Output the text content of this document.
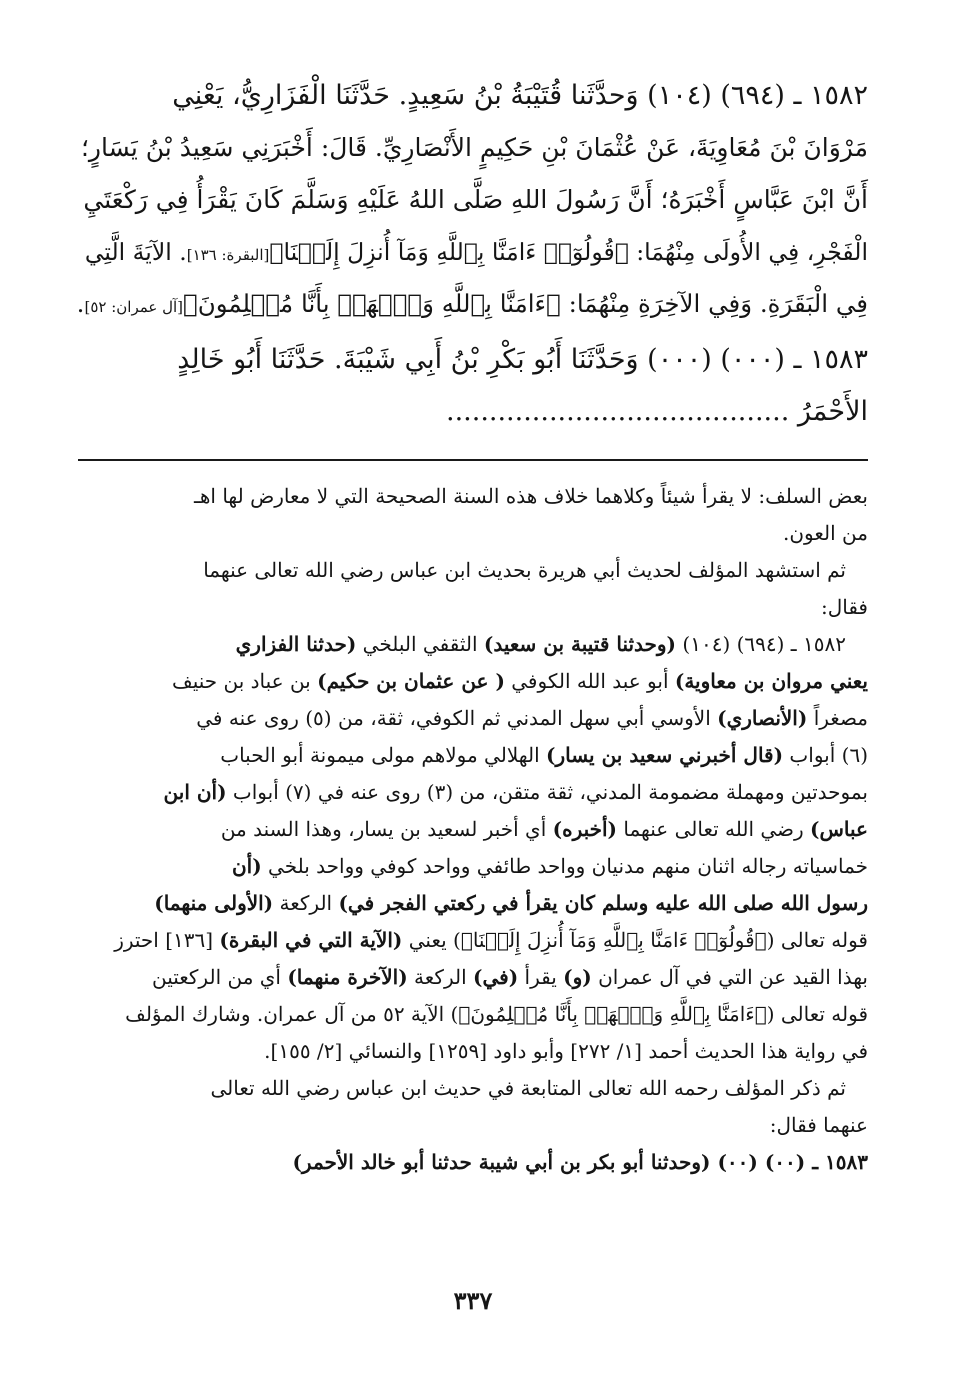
١٥٨٢ ـ (٦٩٤) (١٠٤) وَحدَّثَنا قُتَيْبَةُ بْنُ سَعِيدٍ. حَدَّثَنَا الْفَزَارِيُّ، يَعْنِي
مَرْوَانَ بْنَ مُعَاوِيَةَ، عَنْ عُثْمَانَ بْنِ حَكِيمٍ الأَنْصَارِيِّ. قَالَ: أَخْبَرَنِي سَعِيدُ بْنُ يَسَارٍ؛
أَنَّ ابْنَ عَبَّاسٍ أَخْبَرَهُ؛ أَنَّ رَسُولَ اللهِ صَلَّى اللهُ عَلَيْهِ وَسَلَّمَ كَانَ يَقْرَأُ فِي رَكْعَتَيِ
الْفَجْرِ، فِي الأُولَى مِنْهُمَا: ﴿قُولُوٓا۟ ءَامَنَّا بِٱللَّهِ وَمَآ أُنزِلَ إِلَيۡنَا﴾[البقرة: ١٣٦]. الآيَةَ الَّتِي
فِي الْبَقَرَةِ. وَفِي الآخِرَةِ مِنْهُمَا: ﴿ءَامَنَّا بِٱللَّهِ وَٱشۡهَدۡ بِأَنَّا مُسۡلِمُونَ﴾[آل عمران: ٥٢].
١٥٨٣ ـ (٠٠٠) (٠٠٠) وَحَدَّثَنَا أَبُو بَكْرِ بْنُ أَبِي شَيْبَةَ. حَدَّثَنَا أَبُو خَالِدٍ
الأَحْمَرُ ........................................
بعض السلف: لا يقرأ شيئاً وكلاهما خلاف هذه السنة الصحيحة التي لا معارض لها اهـ
من العون.
ثم استشهد المؤلف لحديث أبي هريرة بحديث ابن عباس رضي الله تعالى عنهما
فقال:
١٥٨٢ ـ (٦٩٤) (١٠٤) (وحدثنا قتيبة بن سعيد) الثقفي البلخي (حدثنا الفزاري
يعني مروان بن معاوية) أبو عبد الله الكوفي ( عن عثمان بن حكيم) بن عباد بن حنيف
مصغراً (الأنصاري) الأوسي أبي سهل المدني ثم الكوفي، ثقة، من (٥) روى عنه في
(٦) أبواب (قال أخبرني سعيد بن يسار) الهلالي مولاهم مولى ميمونة أبو الحباب
بموحدتين ومهملة مضمومة المدني، ثقة متقن، من (٣) روى عنه في (٧) أبواب (أن ابن
عباس) رضي الله تعالى عنهما (أخبره) أي أخبر لسعيد بن يسار، وهذا السند من
خماسياته رجاله اثنان منهم مدنيان وواحد طائفي وواحد كوفي وواحد بلخي (أن
رسول الله صلى الله عليه وسلم كان يقرأ في ركعتي الفجر في) الركعة (الأولى منهما)
قوله تعالى (﴿قُولُوٓا۟ ءَامَنَّا بِٱللَّهِ وَمَآ أُنزِلَ إِلَيۡنَا﴾) يعني (الآية التي في البقرة) [١٣٦] احترز
بهذا القيد عن التي في آل عمران (و) يقرأ (في) الركعة (الآخرة منهما) أي من الركعتين
قوله تعالى (﴿ءَامَنَّا بِٱللَّهِ وَٱشۡهَدۡ بِأَنَّا مُسۡلِمُونَ﴾) الآية ٥٢ من آل عمران. وشارك المؤلف
في رواية هذا الحديث أحمد [١/ ٢٧٢] وأبو داود [١٢٥٩] والنسائي [٢/ ١٥٥].
ثم ذكر المؤلف رحمه الله تعالى المتابعة في حديث ابن عباس رضي الله تعالى
عنهما فقال:
١٥٨٣ ـ (٠٠) (٠٠) (وحدثنا أبو بكر بن أبي شيبة حدثنا أبو خالد الأحمر)
٣٣٧
